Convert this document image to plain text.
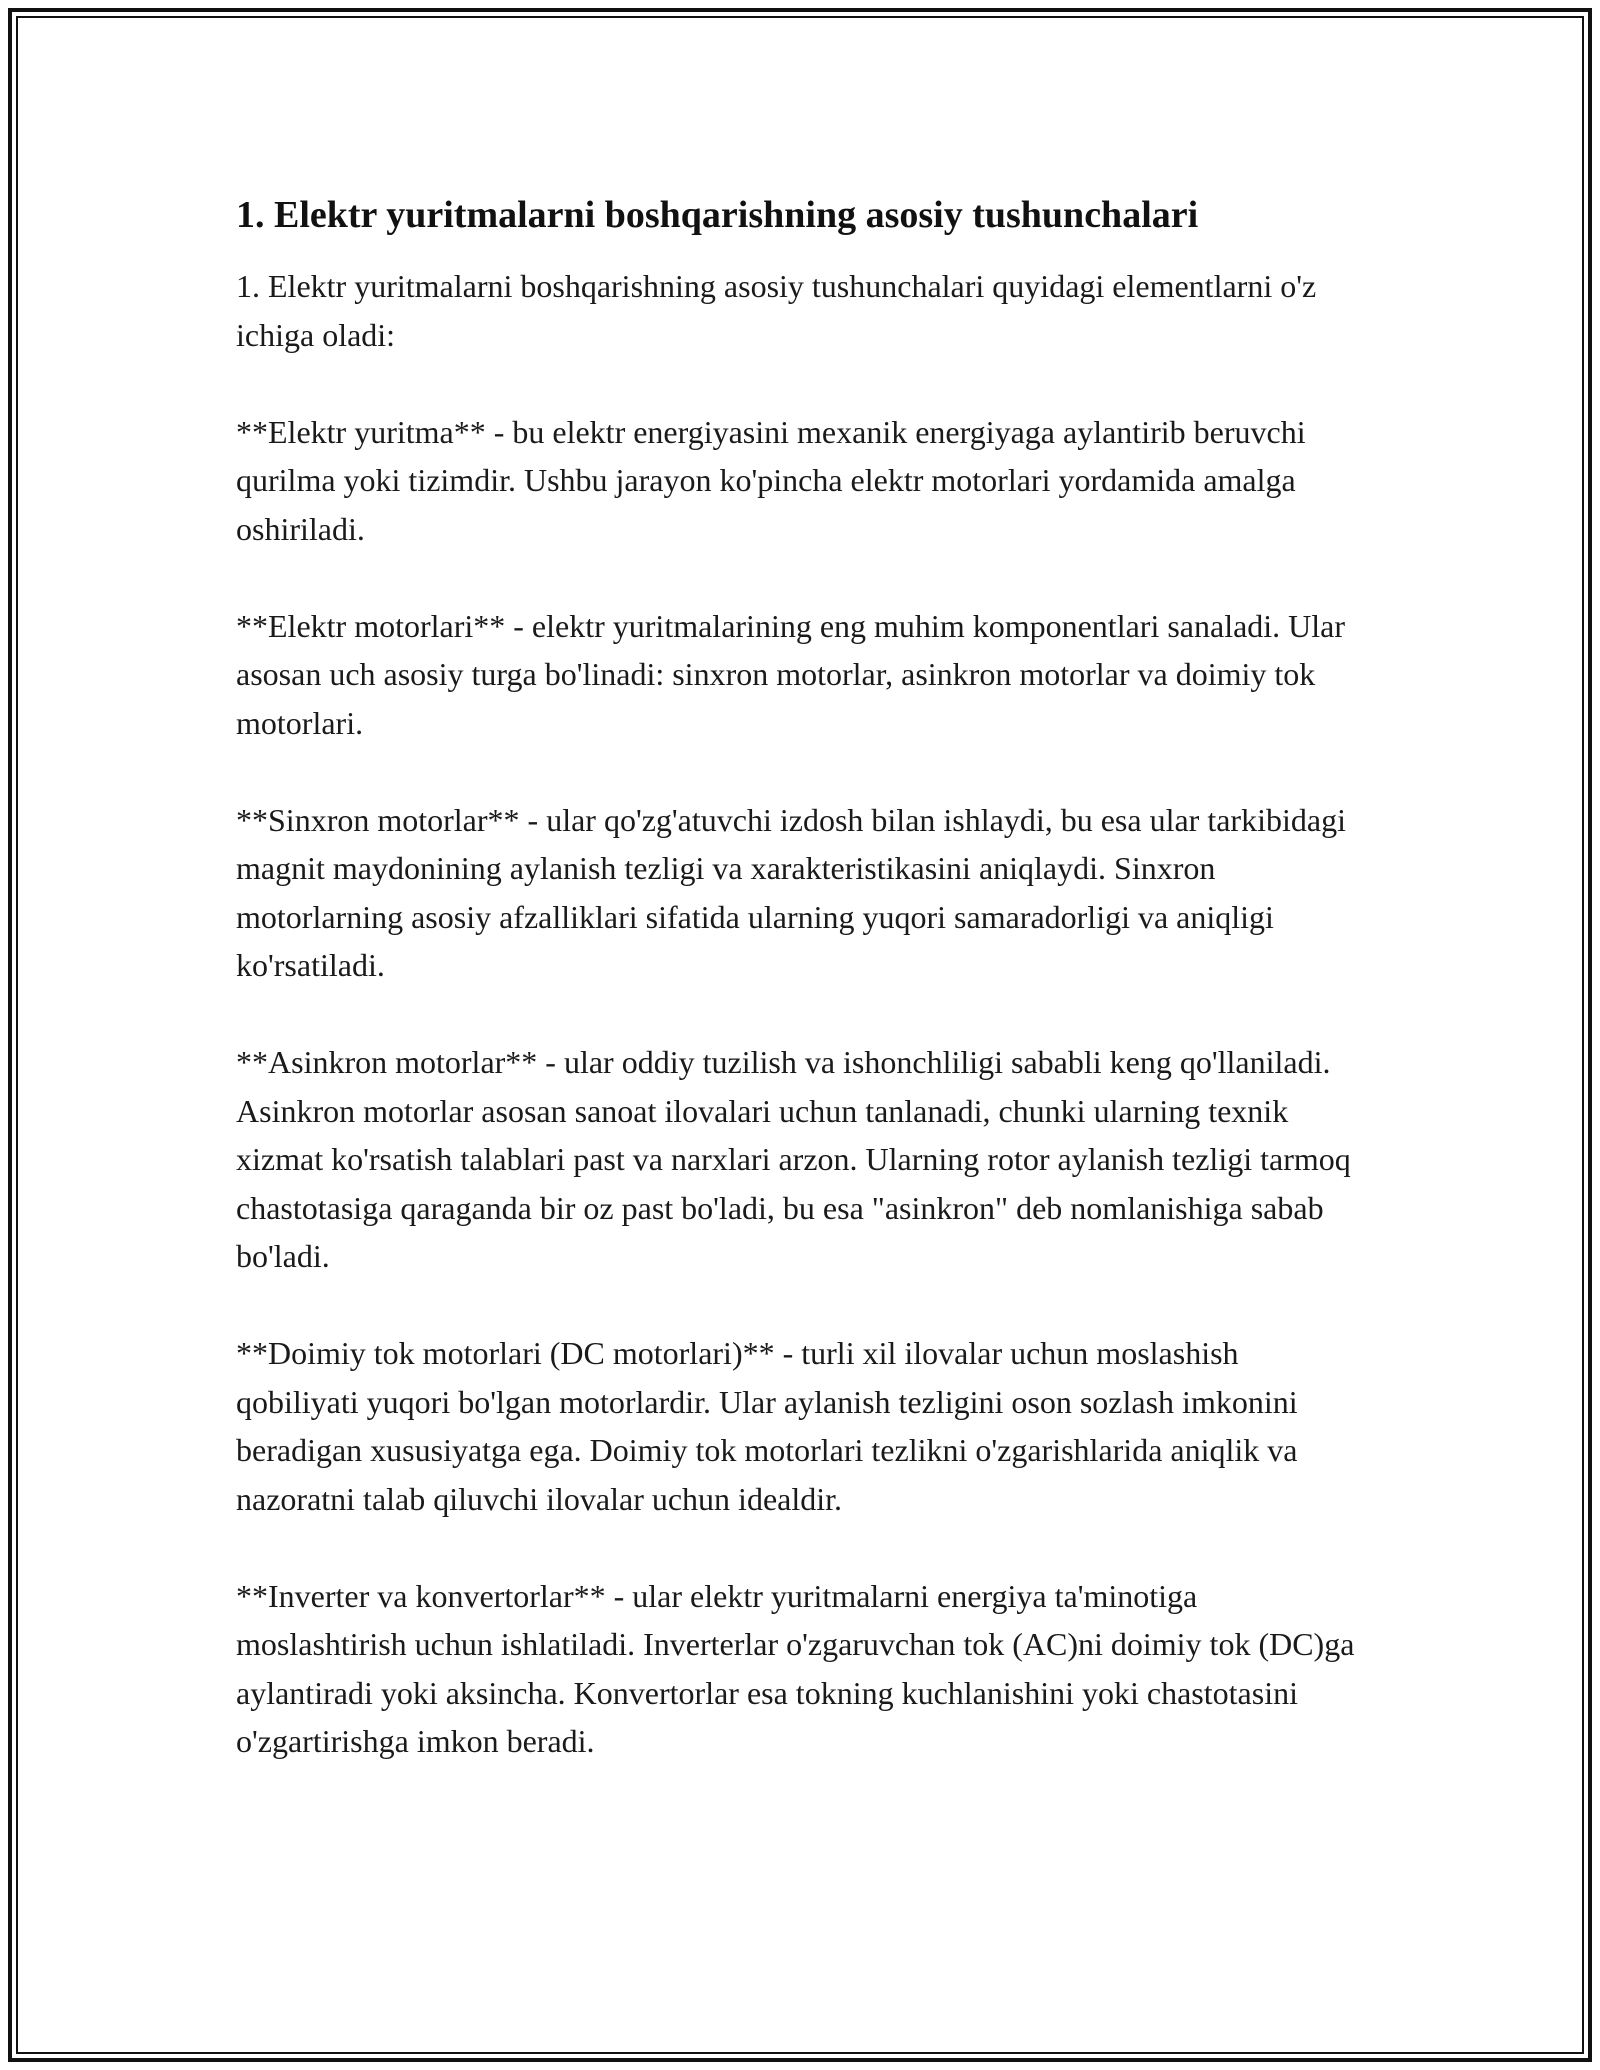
1. Elektr yuritmalarni boshqarishning asosiy tushunchalari

1. Elektr yuritmalarni boshqarishning asosiy tushunchalari quyidagi elementlarni o'z ichiga oladi:

**Elektr yuritma** - bu elektr energiyasini mexanik energiyaga aylantirib beruvchi qurilma yoki tizimdir. Ushbu jarayon ko'pincha elektr motorlari yordamida amalga oshiriladi.

**Elektr motorlari** - elektr yuritmalarining eng muhim komponentlari sanaladi. Ular asosan uch asosiy turga bo'linadi: sinxron motorlar, asinkron motorlar va doimiy tok motorlari.

**Sinxron motorlar** - ular qo'zg'atuvchi izdosh bilan ishlaydi, bu esa ular tarkibidagi magnit maydonining aylanish tezligi va xarakteristikasini aniqlaydi. Sinxron motorlarning asosiy afzalliklari sifatida ularning yuqori samaradorligi va aniqligi ko'rsatiladi.

**Asinkron motorlar** - ular oddiy tuzilish va ishonchliligi sababli keng qo'llaniladi. Asinkron motorlar asosan sanoat ilovalari uchun tanlanadi, chunki ularning texnik xizmat ko'rsatish talablari past va narxlari arzon. Ularning rotor aylanish tezligi tarmoq chastotasiga qaraganda bir oz past bo'ladi, bu esa "asinkron" deb nomlanishiga sabab bo'ladi.

**Doimiy tok motorlari (DC motorlari)** - turli xil ilovalar uchun moslashish qobiliyati yuqori bo'lgan motorlardir. Ular aylanish tezligini oson sozlash imkonini beradigan xususiyatga ega. Doimiy tok motorlari tezlikni o'zgarishlarida aniqlik va nazoratni talab qiluvchi ilovalar uchun idealdir.

**Inverter va konvertorlar** - ular elektr yuritmalarni energiya ta'minotiga moslashtirish uchun ishlatiladi. Inverterlar o'zgaruvchan tok (AC)ni doimiy tok (DC)ga aylantiradi yoki aksincha. Konvertorlar esa tokning kuchlanishini yoki chastotasini o'zgartirishga imkon beradi.
